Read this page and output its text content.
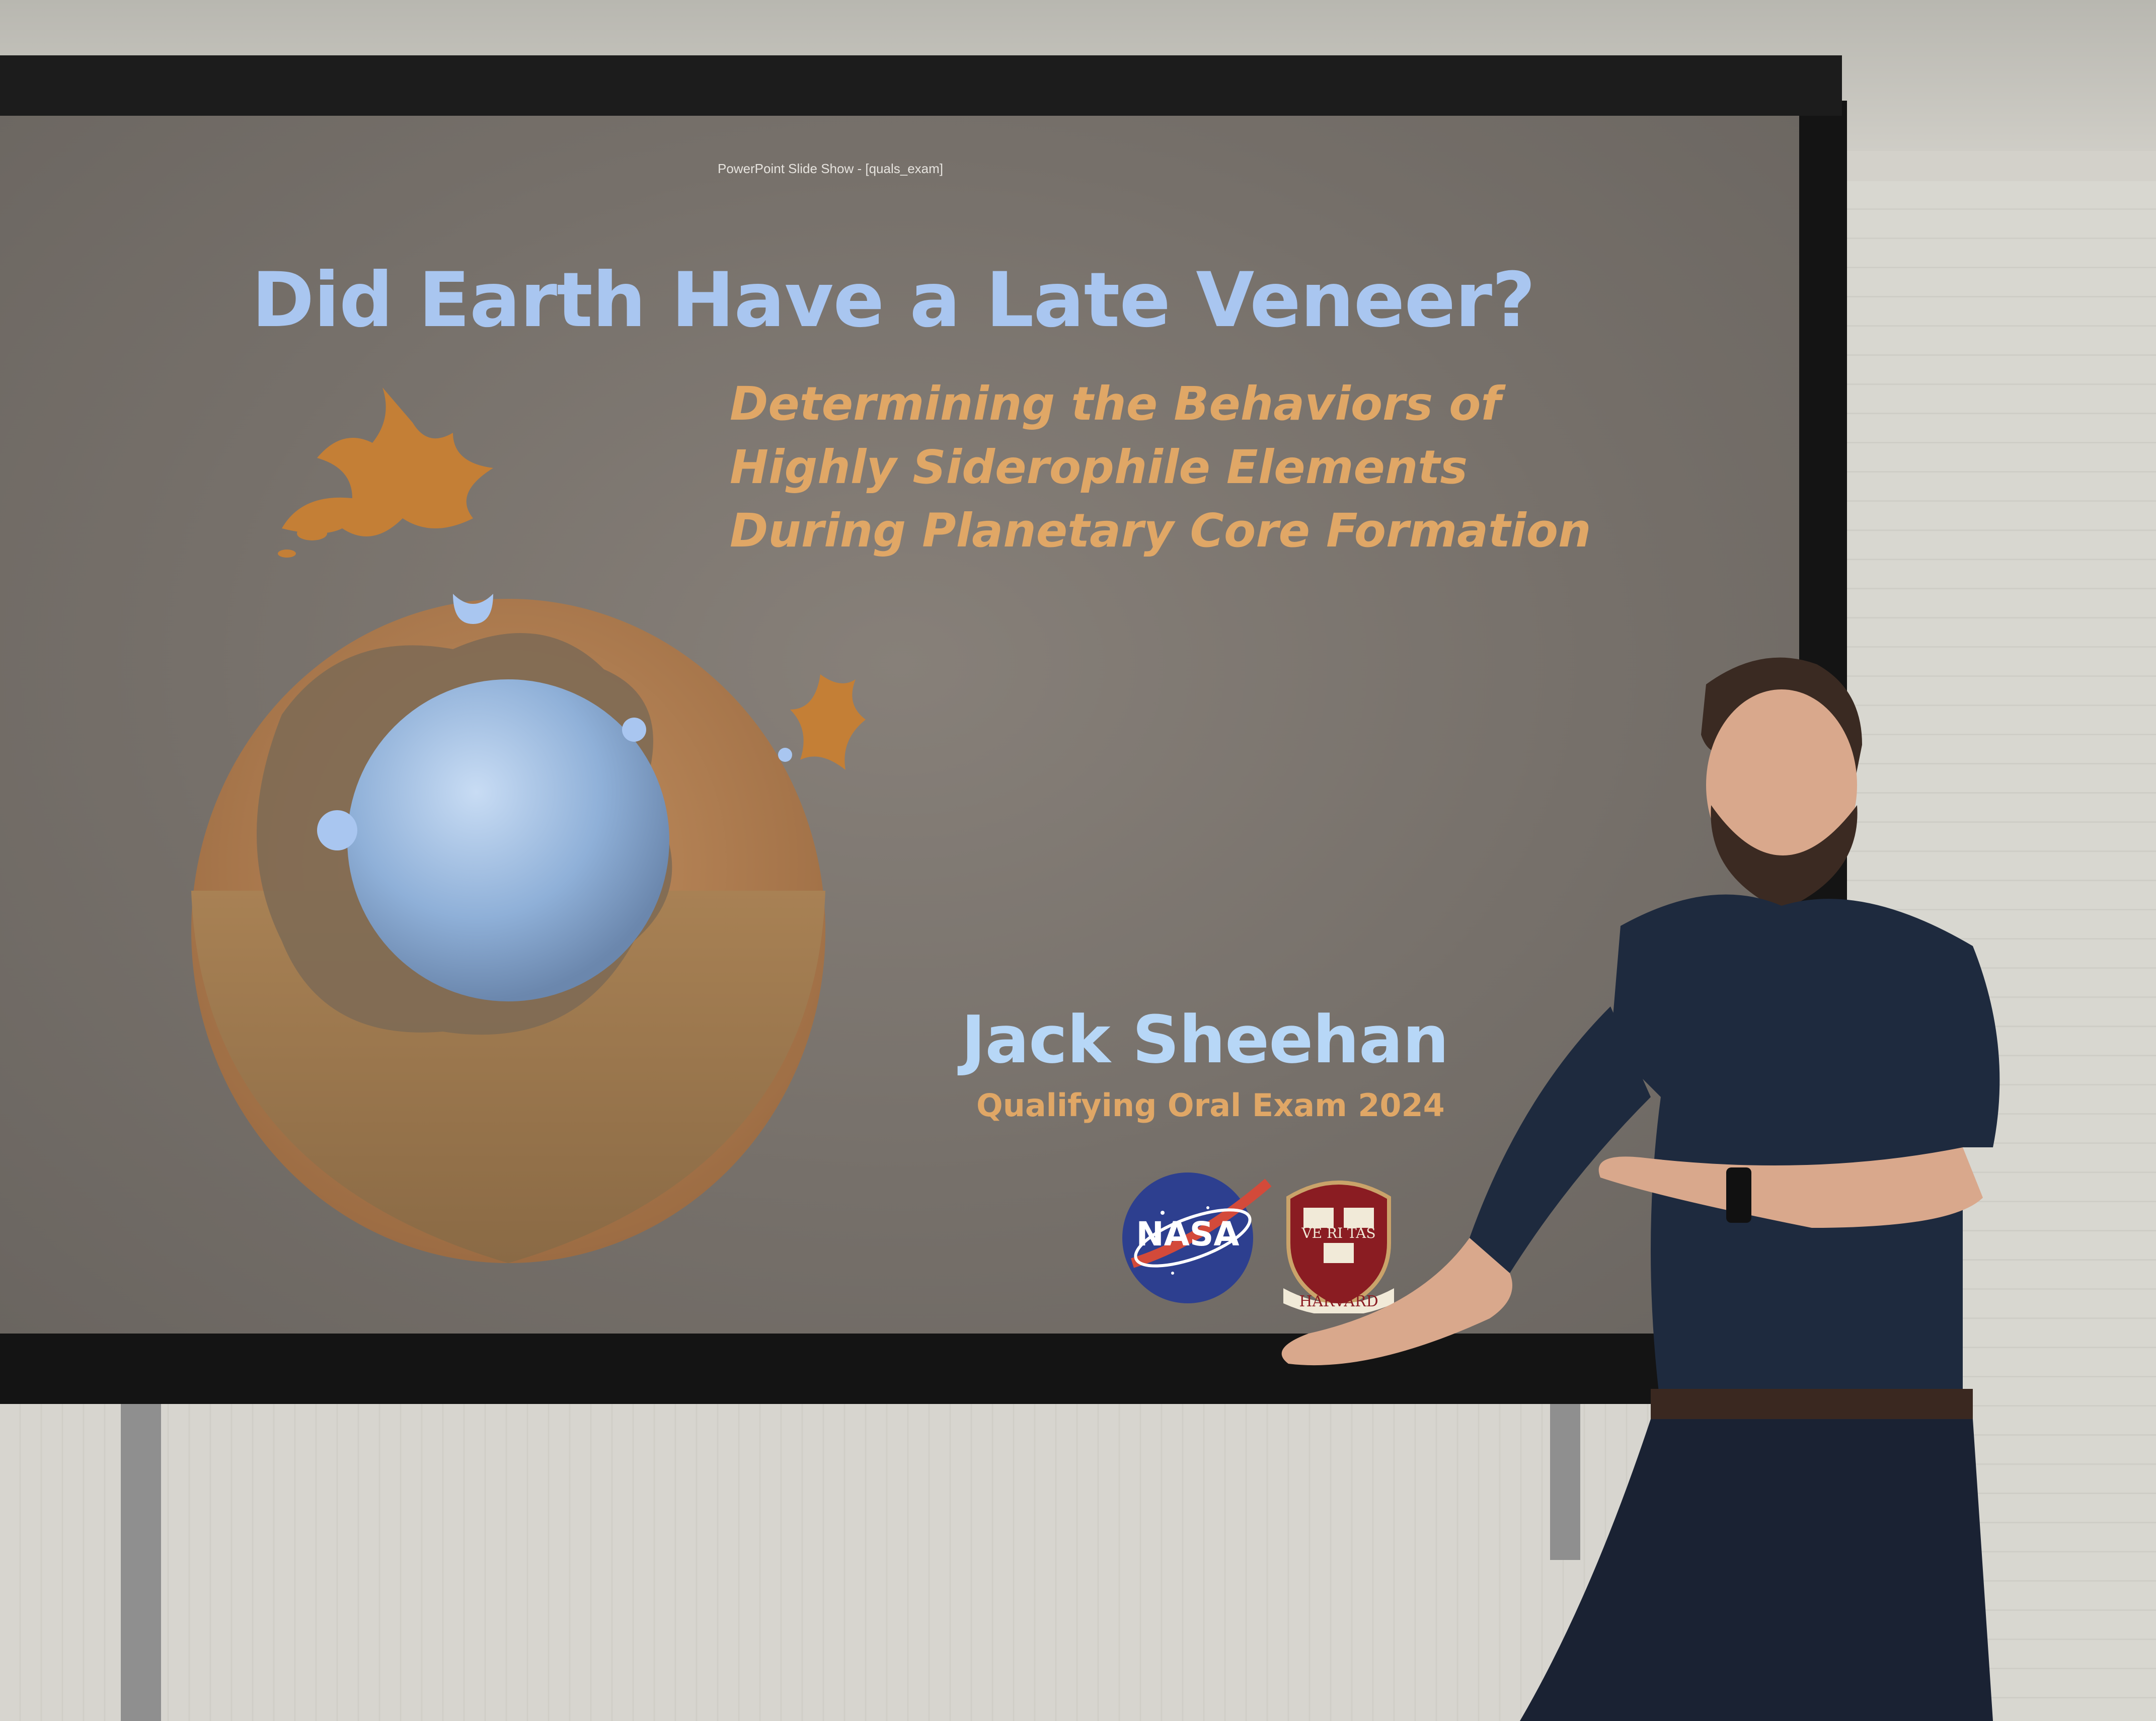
PowerPoint Slide Show - [quals_exam]
Did Earth Have a Late Veneer?
Determining the Behaviors of
Highly Siderophile Elements
During Planetary Core Formation
Jack Sheehan
Qualifying Oral Exam 2024
NASA	VE RI TAS
HARVARD
